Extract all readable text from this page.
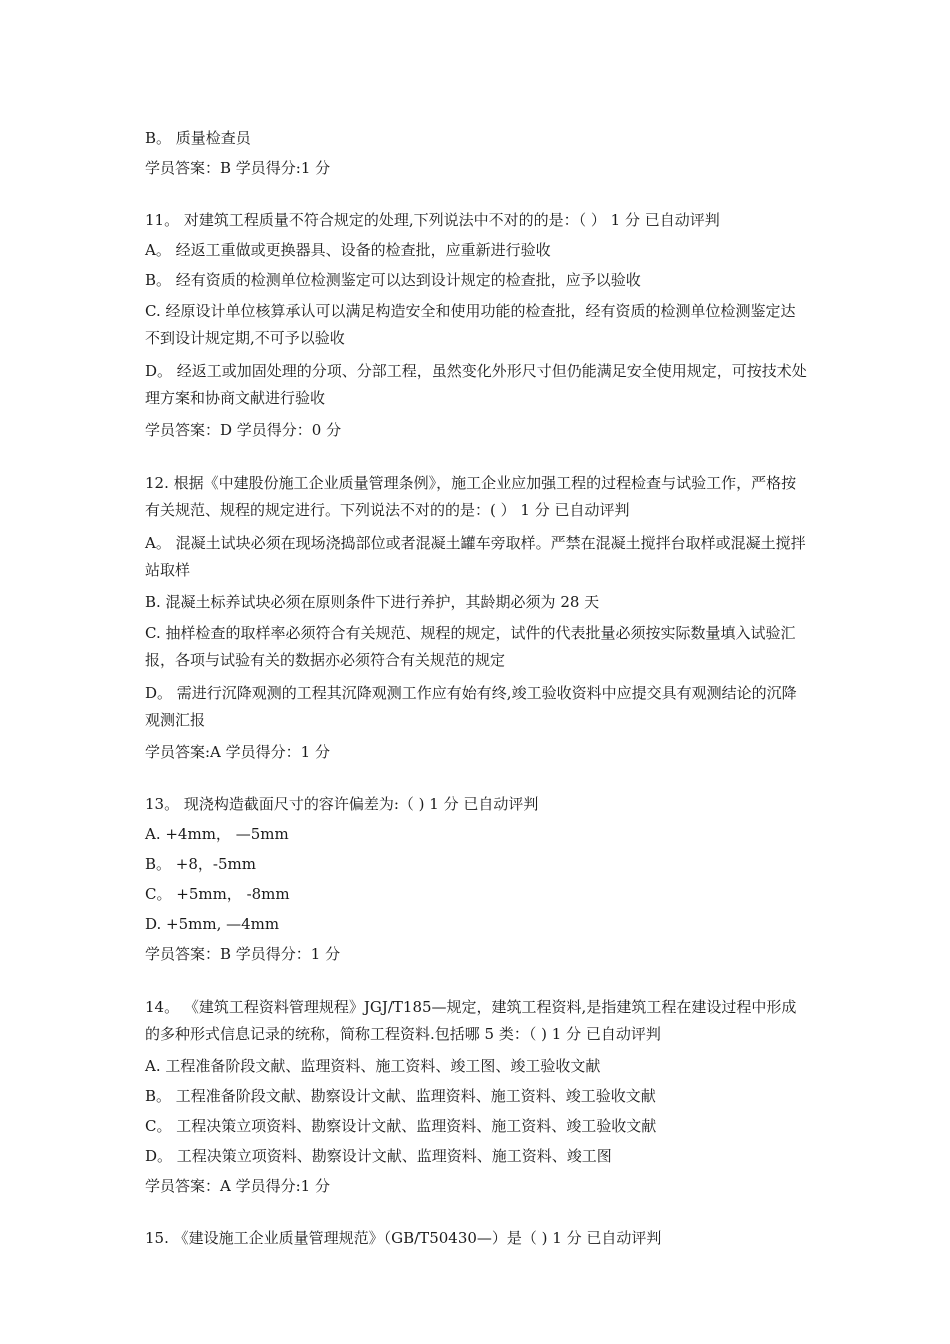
B。 质量检查员
学员答案：B 学员得分:1 分
11。 对建筑工程质量不符合规定的处理,下列说法中不对的的是：（ ） 1 分 已自动评判
A。 经返工重做或更换器具、设备的检查批，应重新进行验收
B。 经有资质的检测单位检测鉴定可以达到设计规定的检查批，应予以验收
C. 经原设计单位核算承认可以满足构造安全和使用功能的检查批，经有资质的检测单位检测鉴定达不到设计规定期,不可予以验收
D。 经返工或加固处理的分项、分部工程，虽然变化外形尺寸但仍能满足安全使用规定，可按技术处理方案和协商文献进行验收
学员答案：D 学员得分：0 分
12. 根据《中建股份施工企业质量管理条例》，施工企业应加强工程的过程检查与试验工作，严格按有关规范、规程的规定进行。下列说法不对的的是：( ） 1 分 已自动评判
A。 混凝土试块必须在现场浇捣部位或者混凝土罐车旁取样。严禁在混凝土搅拌台取样或混凝土搅拌站取样
B. 混凝土标养试块必须在原则条件下进行养护，其龄期必须为 28 天
C. 抽样检查的取样率必须符合有关规范、规程的规定，试件的代表批量必须按实际数量填入试验汇报，各项与试验有关的数据亦必须符合有关规范的规定
D。 需进行沉降观测的工程其沉降观测工作应有始有终,竣工验收资料中应提交具有观测结论的沉降观测汇报
学员答案:A 学员得分：1 分
13。 现浇构造截面尺寸的容许偏差为:（ ) 1 分 已自动评判
A. +4mm， —5mm
B。 +8，-5mm
C。 +5mm， -8mm
D. +5mm, —4mm
学员答案：B 学员得分：1 分
14。 《建筑工程资料管理规程》JGJ/T185—规定，建筑工程资料,是指建筑工程在建设过程中形成的多种形式信息记录的统称，简称工程资料.包括哪 5 类：（ ) 1 分 已自动评判
A. 工程准备阶段文献、监理资料、施工资料、竣工图、竣工验收文献
B。 工程准备阶段文献、勘察设计文献、监理资料、施工资料、竣工验收文献
C。 工程决策立项资料、勘察设计文献、监理资料、施工资料、竣工验收文献
D。 工程决策立项资料、勘察设计文献、监理资料、施工资料、竣工图
学员答案：A 学员得分:1 分
15. 《建设施工企业质量管理规范》（GB/T50430—）是（ ) 1 分 已自动评判
